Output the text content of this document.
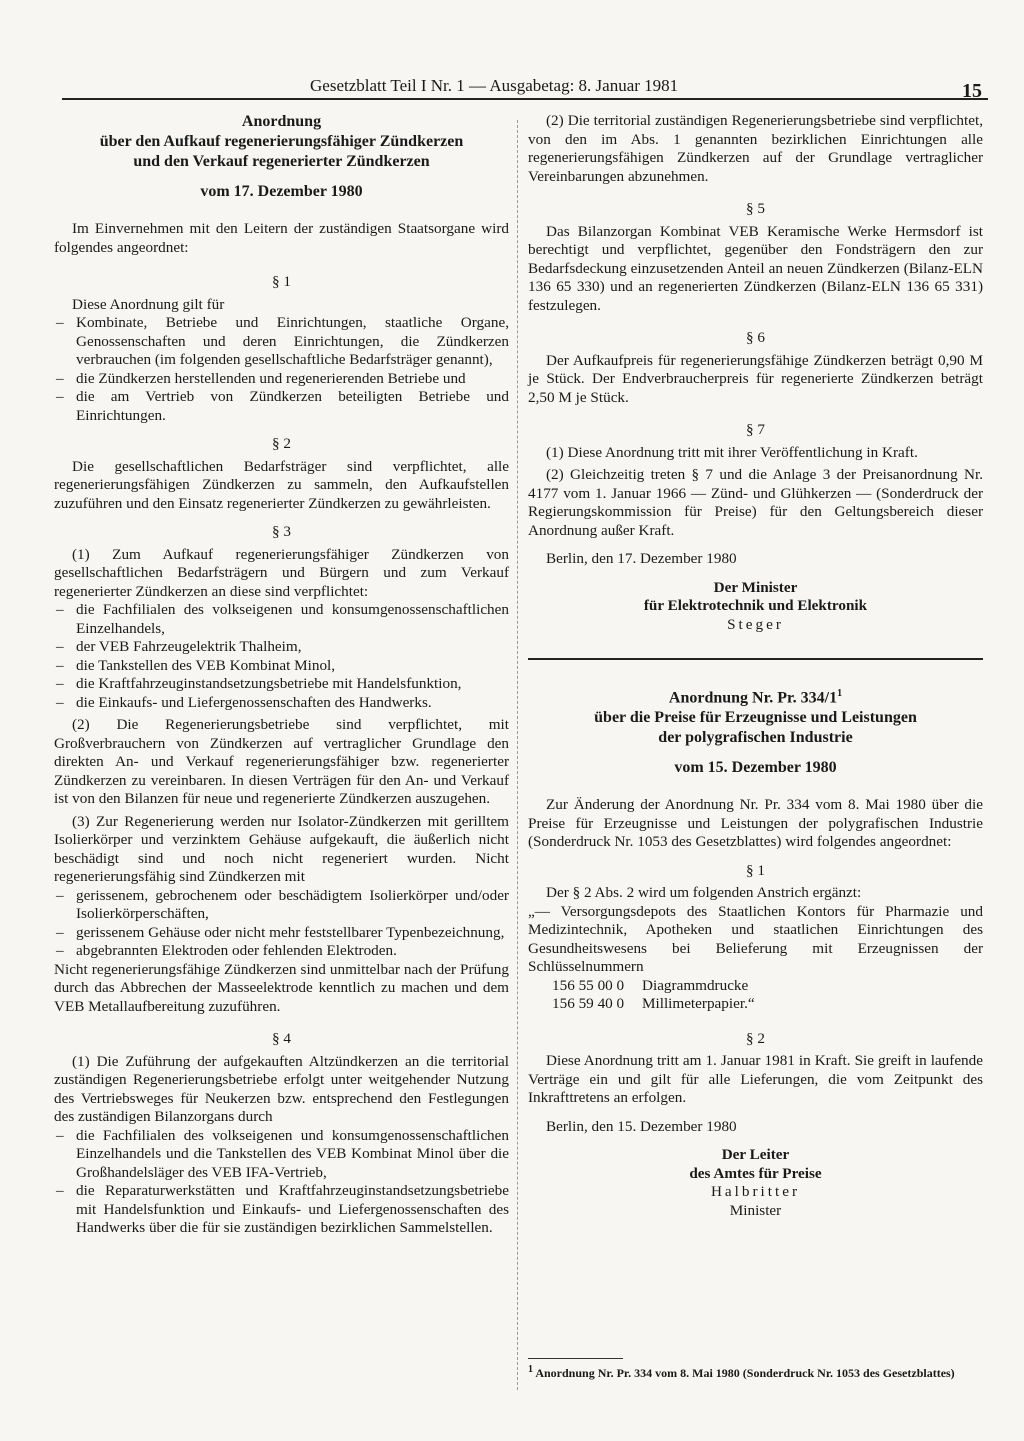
Gesetzblatt Teil I Nr. 1 — Ausgabetag: 8. Januar 1981	15
Anordnung
über den Aufkauf regenerierungsfähiger Zündkerzen
und den Verkauf regenerierter Zündkerzen
vom 17. Dezember 1980

Im Einvernehmen mit den Leitern der zuständigen Staatsorgane wird folgendes angeordnet:

§ 1

Diese Anordnung gilt für

– Kombinate, Betriebe und Einrichtungen, staatliche Organe, Genossenschaften und deren Einrichtungen, die Zündkerzen verbrauchen (im folgenden gesellschaftliche Bedarfsträger genannt),
– die Zündkerzen herstellenden und regenerierenden Betriebe und
– die am Vertrieb von Zündkerzen beteiligten Betriebe und Einrichtungen.
§ 2

Die gesellschaftlichen Bedarfsträger sind verpflichtet, alle regenerierungsfähigen Zündkerzen zu sammeln, den Aufkaufstellen zuzuführen und den Einsatz regenerierter Zündkerzen zu gewährleisten.

§ 3

(1) Zum Aufkauf regenerierungsfähiger Zündkerzen von gesellschaftlichen Bedarfsträgern und Bürgern und zum Verkauf regenerierter Zündkerzen an diese sind verpflichtet:

– die Fachfilialen des volkseigenen und konsumgenossenschaftlichen Einzelhandels,
– der VEB Fahrzeugelektrik Thalheim,
– die Tankstellen des VEB Kombinat Minol,
– die Kraftfahrzeuginstandsetzungsbetriebe mit Handelsfunktion,
– die Einkaufs- und Liefergenossenschaften des Handwerks.

(2) Die Regenerierungsbetriebe sind verpflichtet, mit Großverbrauchern von Zündkerzen auf vertraglicher Grundlage den direkten An- und Verkauf regenerierungsfähiger bzw. regenerierter Zündkerzen zu vereinbaren. In diesen Verträgen für den An- und Verkauf ist von den Bilanzen für neue und regenerierte Zündkerzen auszugehen.

(3) Zur Regenerierung werden nur Isolator-Zündkerzen mit gerilltem Isolierkörper und verzinktem Gehäuse aufgekauft, die äußerlich nicht beschädigt sind und noch nicht regeneriert wurden. Nicht regenerierungsfähig sind Zündkerzen mit

– gerissenem, gebrochenem oder beschädigtem Isolierkörper und/oder Isolierkörperschäften,
– gerissenem Gehäuse oder nicht mehr feststellbarer Typenbezeichnung,
– abgebrannten Elektroden oder fehlenden Elektroden.

Nicht regenerierungsfähige Zündkerzen sind unmittelbar nach der Prüfung durch das Abbrechen der Masseelektrode kenntlich zu machen und dem VEB Metallaufbereitung zuzuführen.

§ 4

(1) Die Zuführung der aufgekauften Altzündkerzen an die territorial zuständigen Regenerierungsbetriebe erfolgt unter weitgehender Nutzung des Vertriebsweges für Neukerzen bzw. entsprechend den Festlegungen des zuständigen Bilanzorgans durch

– die Fachfilialen des volkseigenen und konsumgenossenschaftlichen Einzelhandels und die Tankstellen des VEB Kombinat Minol über die Großhandelsläger des VEB IFA-Vertrieb,
– die Reparaturwerkstätten und Kraftfahrzeuginstandsetzungsbetriebe mit Handelsfunktion und Einkaufs- und Liefergenossenschaften des Handwerks über die für sie zuständigen bezirklichen Sammelstellen.

(2) Die territorial zuständigen Regenerierungsbetriebe sind verpflichtet, von den im Abs. 1 genannten bezirklichen Einrichtungen alle regenerierungsfähigen Zündkerzen auf der Grundlage vertraglicher Vereinbarungen abzunehmen.

§ 5

Das Bilanzorgan Kombinat VEB Keramische Werke Hermsdorf ist berechtigt und verpflichtet, gegenüber den Fondsträgern den zur Bedarfsdeckung einzusetzenden Anteil an neuen Zündkerzen (Bilanz-ELN 136 65 330) und an regenerierten Zündkerzen (Bilanz-ELN 136 65 331) festzulegen.

§ 6

Der Aufkaufpreis für regenerierungsfähige Zündkerzen beträgt 0,90 M je Stück. Der Endverbraucherpreis für regenerierte Zündkerzen beträgt 2,50 M je Stück.

§ 7

(1) Diese Anordnung tritt mit ihrer Veröffentlichung in Kraft.

(2) Gleichzeitig treten § 7 und die Anlage 3 der Preisanordnung Nr. 4177 vom 1. Januar 1966 — Zünd- und Glühkerzen — (Sonderdruck der Regierungskommission für Preise) für den Geltungsbereich dieser Anordnung außer Kraft.

Berlin, den 17. Dezember 1980

Der Minister
für Elektrotechnik und Elektronik
Steger
Anordnung Nr. Pr. $334/1^1$
über die Preise für Erzeugnisse und Leistungen
der polygrafischen Industrie
vom 15. Dezember 1980

Zur Änderung der Anordnung Nr. Pr. 334 vom 8. Mai 1980 über die Preise für Erzeugnisse und Leistungen der polygrafischen Industrie (Sonderdruck Nr. 1053 des Gesetzblattes) wird folgendes angeordnet:

§ 1

Der § 2 Abs. 2 wird um folgenden Anstrich ergänzt:

„— Versorgungsdepots des Staatlichen Kontors für Pharmazie und Medizintechnik, Apotheken und staatlichen Einrichtungen des Gesundheitswesens bei Belieferung mit Erzeugnissen der Schlüsselnummern

156 55 00 0	Diagrammdrucke
156 59 40 0	Millimeterpapier.“
§ 2

Diese Anordnung tritt am 1. Januar 1981 in Kraft. Sie greift in laufende Verträge ein und gilt für alle Lieferungen, die vom Zeitpunkt des Inkrafttretens an erfolgen.

Berlin, den 15. Dezember 1980

Der Leiter
des Amtes für Preise
Halbritter
Minister
$^1$ Anordnung Nr. Pr. 334 vom 8. Mai 1980 (Sonderdruck Nr. 1053 des Gesetzblattes)
